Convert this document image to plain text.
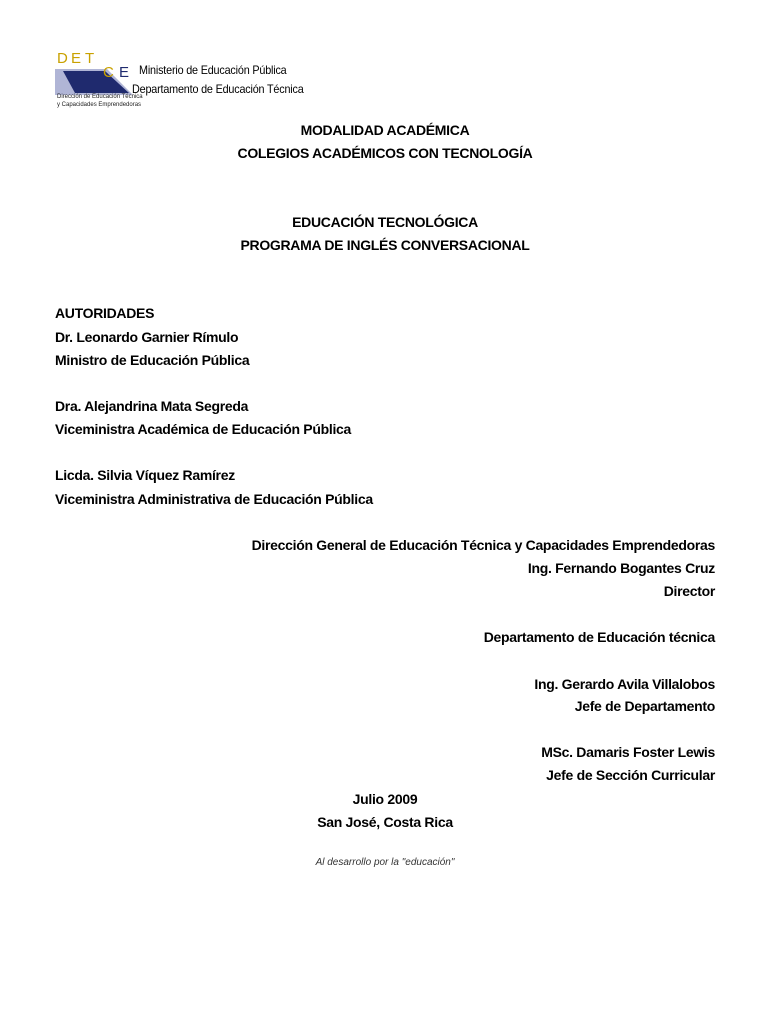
D E T
C E
Dirección de Educación Técnica
y Capacidades Emprendedoras
Ministerio de Educación Pública
Departamento de Educación Técnica
MODALIDAD ACADÉMICA
COLEGIOS ACADÉMICOS CON TECNOLOGÍA
EDUCACIÓN TECNOLÓGICA
PROGRAMA DE INGLÉS CONVERSACIONAL
AUTORIDADES
Dr. Leonardo Garnier Rímulo
Ministro de Educación Pública
Dra. Alejandrina Mata Segreda
Viceministra Académica de Educación Pública
Licda. Silvia Víquez Ramírez
Viceministra Administrativa de Educación Pública
Dirección General de Educación Técnica y Capacidades Emprendedoras
Ing. Fernando Bogantes Cruz
Director
Departamento de Educación técnica
Ing. Gerardo Avila Villalobos
Jefe de Departamento
MSc. Damaris Foster Lewis
Jefe de Sección Curricular
Julio 2009
San José, Costa Rica
Al desarrollo por la "educación"
